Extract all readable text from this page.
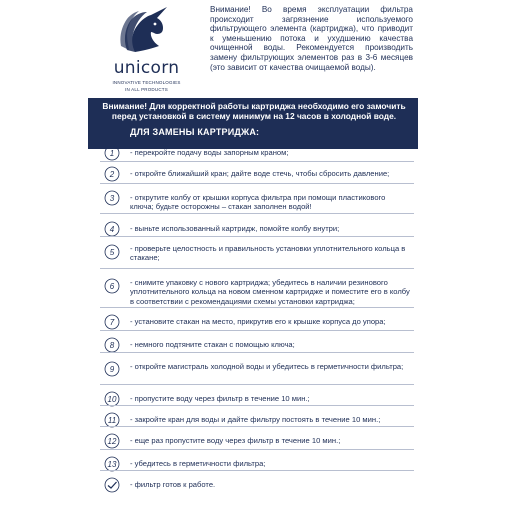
unicorn
INNOVATIVE TECHNOLOGIES
IN ALL PRODUCTS
Внимание! Во время эксплуатации фильтра происходит загрязнение используемого фильтрующего элемента (картриджа), что приводит к уменьшению потока и ухудшению качества очищенной воды. Рекомендуется производить замену фильтрующих элементов раз в 3-6 месяцев (это зависит от качества очищаемой воды).
Внимание! Для корректной работы картриджа необходимо его замочить перед установкой в систему минимум на 12 часов в холодной воде.
ДЛЯ ЗАМЕНЫ КАРТРИДЖА:
1 - перекройте подачу воды запорным краном;
2 - откройте ближайший кран; дайте воде стечь, чтобы сбросить давление;
3 - открутите колбу от крышки корпуса фильтра при помощи пластикового ключа; будьте осторожны – стакан заполнен водой!
4 - выньте использованный картридж, помойте колбу внутри;
5 - проверьте целостность и правильность установки уплотнительного кольца в стакане;
6 - снимите упаковку с нового картриджа; убедитесь в наличии резинового уплотнительного кольца на новом сменном картридже и поместите его в колбу в соответствии с рекомендациями схемы установки картриджа;
7 - установите стакан на место, прикрутив его к крышке корпуса до упора;
8 - немного подтяните стакан с помощью ключа;
9 - откройте магистраль холодной воды и убедитесь в герметичности фильтра;
10 - пропустите воду через фильтр в течение 10 мин.;
11 - закройте кран для воды и дайте фильтру постоять в течение 10 мин.;
12 - еще раз пропустите воду через фильтр в течение 10 мин.;
13 - убедитесь в герметичности фильтра;
- фильтр готов к работе.
